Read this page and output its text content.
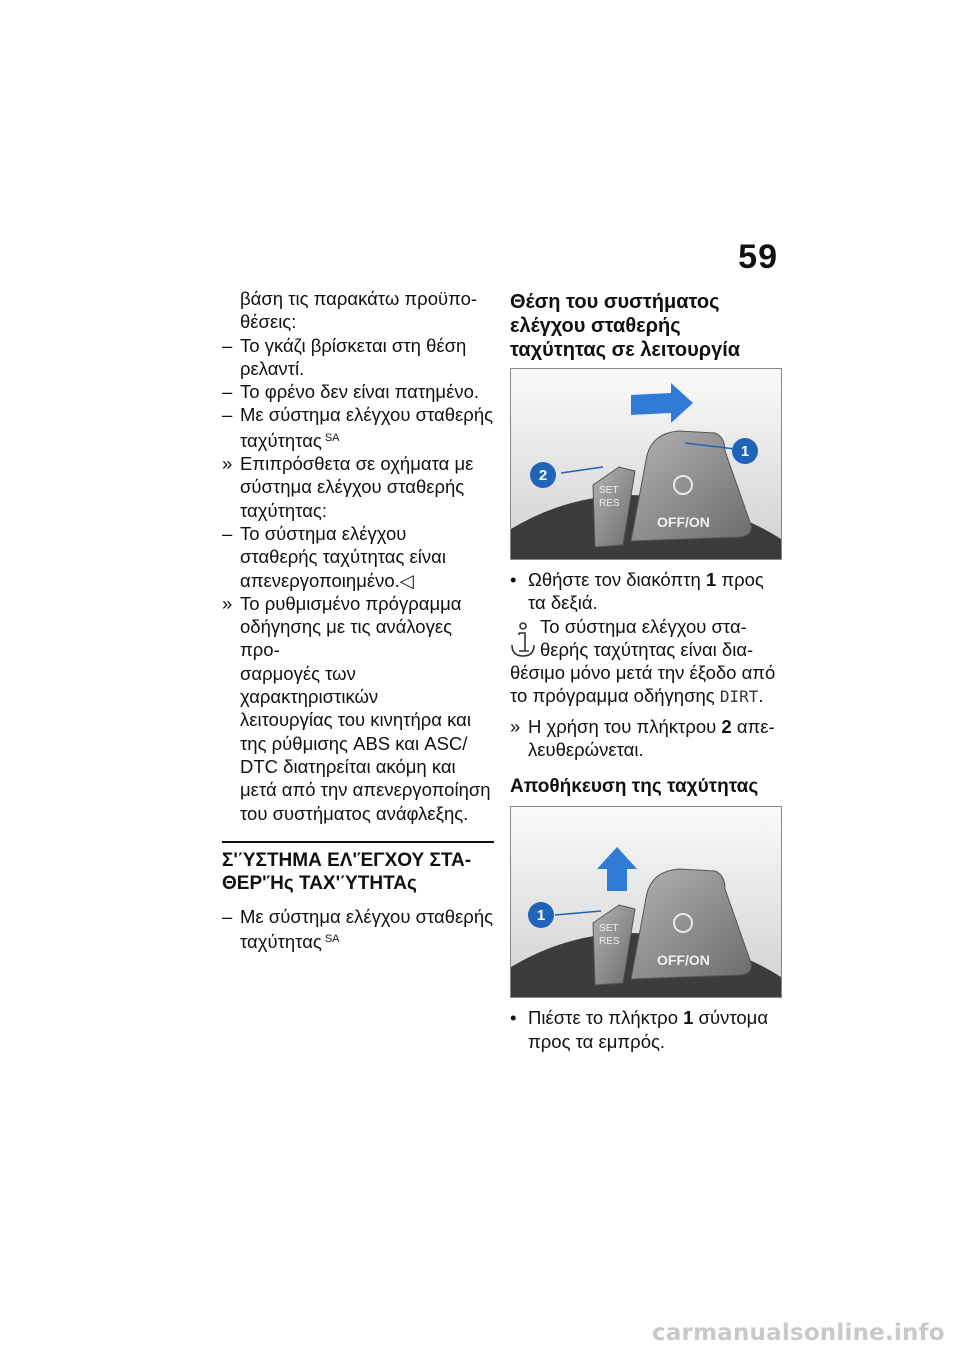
59
βάση τις παρακάτω προϋπο-
θέσεις:
– Το γκάζι βρίσκεται στη θέση
ρελαντί.
– Το φρένο δεν είναι πατημένο.
– Με σύστημα ελέγχου σταθερής
ταχύτητας $^{SA}$
» Επιπρόσθετα σε οχήματα με
σύστημα ελέγχου σταθερής
ταχύτητας:
– Το σύστημα ελέγχου
σταθερής ταχύτητας είναι
απενεργοποιημένο.◁
» Το ρυθμισμένο πρόγραμμα
οδήγησης με τις ανάλογες προ-
σαρμογές των χαρακτηριστικών
λειτουργίας του κινητήρα και
της ρύθμισης ABS και ASC/
DTC διατηρείται ακόμη και
μετά από την απενεργοποίηση
του συστήματος ανάφλεξης.
Σ'ΎΣΤΗΜΑ ΕΛ'ΈΓΧΟΥ ΣΤΑ-
ΘΕΡ'Ής ΤΑΧ'ΎΤΗΤΑς
– Με σύστημα ελέγχου σταθερής
ταχύτητας $^{SA}$
Θέση του συστήματος
ελέγχου σταθερής
ταχύτητας σε λειτουργία
2
1
SET
RES
OFF/ON
• Ωθήστε τον διακόπτη 1 προς
τα δεξιά.
Το σύστημα ελέγχου στα-
θερής ταχύτητας είναι δια-
θέσιμο μόνο μετά την έξοδο από
το πρόγραμμα οδήγησης DIRT.
» Η χρήση του πλήκτρου 2 απε-
λευθερώνεται.
Αποθήκευση της ταχύτητας
1
SET
RES
OFF/ON
• Πιέστε το πλήκτρο 1 σύντομα
προς τα εμπρός.
carmanualsonline.info
